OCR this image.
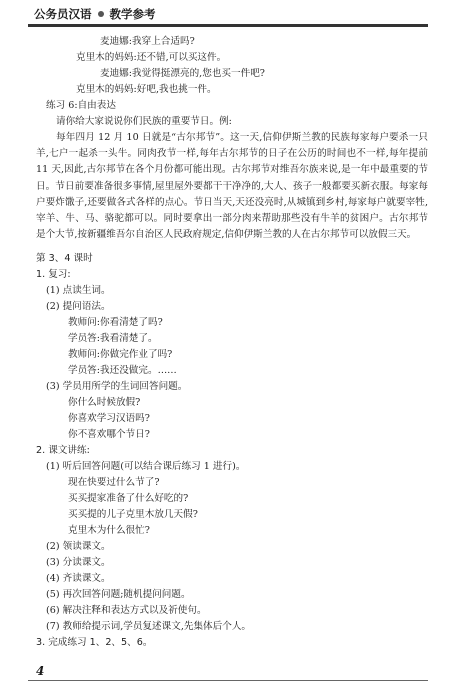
公务员汉语 教学参考
麦迪娜:我穿上合适吗?
克里木的妈妈:还不错,可以买这件。
麦迪娜:我觉得挺漂亮的,您也买一件吧?
克里木的妈妈:好吧,我也挑一件。
练习 6:自由表达
请你给大家说说你们民族的重要节日。例:

每年四月 12 月 10 日就是“古尔邦节”。这一天,信仰伊斯兰教的民族每家每户要杀一只羊,七户一起杀一头牛。同肉孜节一样,每年古尔邦节的日子在公历的时间也不一样,每年提前 11 天,因此,古尔邦节在各个月份都可能出现。古尔邦节对维吾尔族来说,是一年中最重要的节日。节日前要准备很多事情,屋里屋外要都干干净净的,大人、孩子一般都要买新衣服。每家每户要炸馓子,还要做各式各样的点心。节日当天,天还没亮时,从城镇到乡村,每家每户就要宰牲,宰羊、牛、马、骆驼都可以。同时要拿出一部分肉来帮助那些没有牛羊的贫困户。古尔邦节是个大节,按新疆维吾尔自治区人民政府规定,信仰伊斯兰教的人在古尔邦节可以放假三天。

第 3、4 课时
1. 复习:
(1) 点读生词。
(2) 提问语法。
教师问:你看清楚了吗?
学员答:我看清楚了。
教师问:你做完作业了吗?
学员答:我还没做完。……
(3) 学员用所学的生词回答问题。
你什么时候放假?
你喜欢学习汉语吗?
你不喜欢哪个节日?
2. 课文讲练:
(1) 听后回答问题(可以结合课后练习 1 进行)。
现在快要过什么节了?
买买提家准备了什么好吃的?
买买提的儿子克里木放几天假?
克里木为什么很忙?
(2) 领读课文。
(3) 分读课文。
(4) 齐读课文。
(5) 再次回答问题;随机提问问题。
(6) 解决注释和表达方式以及祈使句。
(7) 教师给提示词,学员复述课文,先集体后个人。
3. 完成练习 1、2、5、6。
4
